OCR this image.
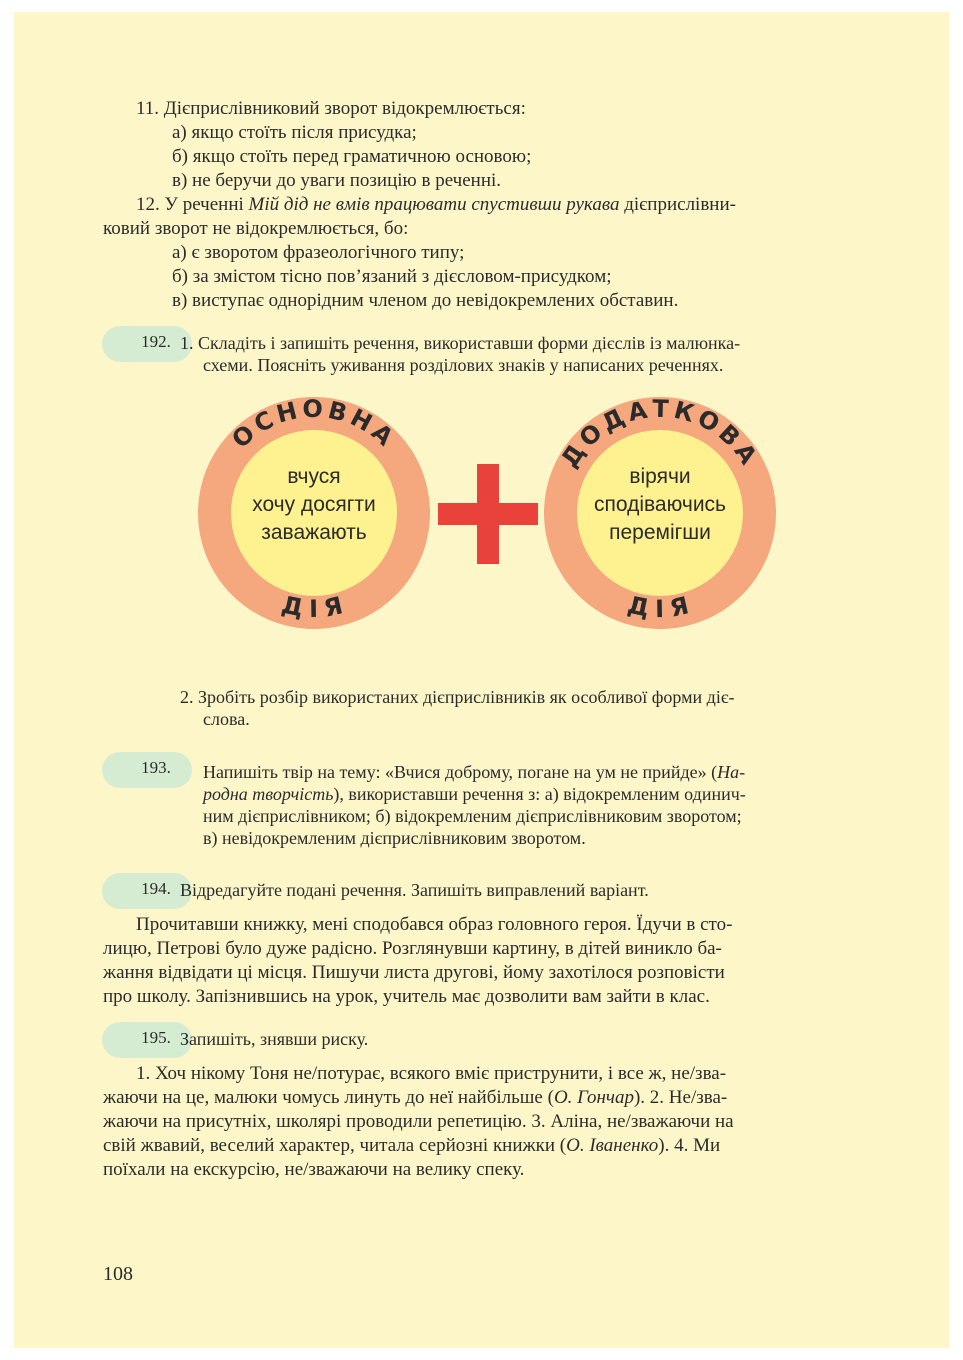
11. Дієприслівниковий зворот відокремлюється:
а) якщо стоїть після присудка;
б) якщо стоїть перед граматичною основою;
в) не беручи до уваги позицію в реченні.
12. У реченні Мій дід не вмів працювати спустивши рукава дієприслівни-
ковий зворот не відокремлюється, бо:
а) є зворотом фразеологічного типу;
б) за змістом тісно пов’язаний з дієсловом-присудком;
в) виступає однорідним членом до невідокремлених обставин.
192. 1. Складіть і запишіть речення, використавши форми дієслів із малюнка-
схеми. Поясніть уживання розділових знаків у написаних реченнях.
ОСНОВНА
ДІЯ
ДОДАТКОВА
ДІЯ
вчуся
хочу досягти
заважають
вірячи
сподіваючись
перемігши
2. Зробіть розбір використаних дієприслівників як особливої форми діє-
слова.
193.	Напишіть твір на тему: «Вчися доброму, погане на ум не прийде» (На-
родна творчість), використавши речення з: а) відокремленим одинич-
ним дієприслівником; б) відокремленим дієприслівниковим зворотом;
в) невідокремленим дієприслівниковим зворотом.
194. Відредагуйте подані речення. Запишіть виправлений варіант.
Прочитавши книжку, мені сподобався образ головного героя. Їдучи в сто-
лицю, Петрові було дуже радісно. Розглянувши картину, в дітей виникло ба-
жання відвідати ці місця. Пишучи листа другові, йому захотілося розповісти
про школу. Запізнившись на урок, учитель має дозволити вам зайти в клас.
195. Запишіть, знявши риску.
1. Хоч нікому Тоня не/потурає, всякого вміє приструнити, і все ж, не/зва-
жаючи на це, малюки чомусь линуть до неї найбільше (О. Гончар). 2. Не/зва-
жаючи на присутніх, школярі проводили репетицію. 3. Аліна, не/зважаючи на
свій жвавий, веселий характер, читала серйозні книжки (О. Іваненко). 4. Ми
поїхали на екскурсію, не/зважаючи на велику спеку.
108
